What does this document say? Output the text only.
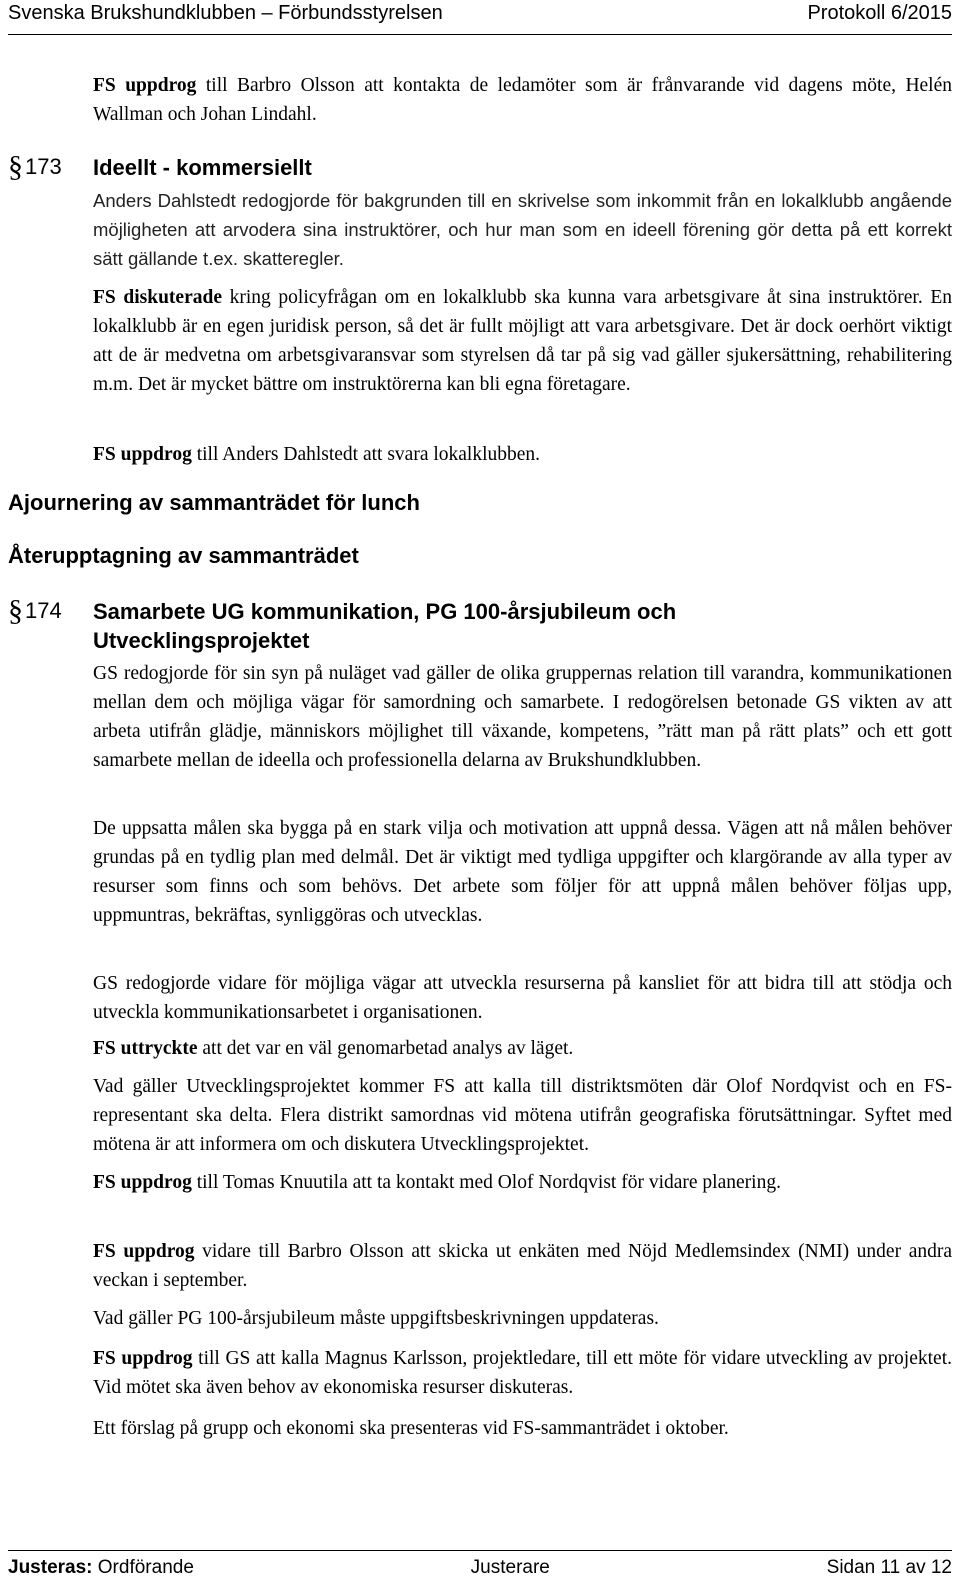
Svenska Brukshundklubben – Förbundsstyrelsen	Protokoll 6/2015

FS uppdrog till Barbro Olsson att kontakta de ledamöter som är frånvarande vid dagens möte, Helén Wallman och Johan Lindahl.

§ 173 Ideellt - kommersiellt

Anders Dahlstedt redogjorde för bakgrunden till en skrivelse som inkommit från en lokalklubb angående möjligheten att arvodera sina instruktörer, och hur man som en ideell förening gör detta på ett korrekt sätt gällande t.ex. skatteregler.

FS diskuterade kring policyfrågan om en lokalklubb ska kunna vara arbetsgivare åt sina instruktörer. En lokalklubb är en egen juridisk person, så det är fullt möjligt att vara arbetsgivare. Det är dock oerhört viktigt att de är medvetna om arbetsgivaransvar som styrelsen då tar på sig vad gäller sjukersättning, rehabilitering m.m. Det är mycket bättre om instruktörerna kan bli egna företagare.

FS uppdrog till Anders Dahlstedt att svara lokalklubben.

Ajournering av sammanträdet för lunch
Återupptagning av sammanträdet
§ 174 Samarbete UG kommunikation, PG 100-årsjubileum och Utvecklingsprojektet

GS redogjorde för sin syn på nuläget vad gäller de olika gruppernas relation till varandra, kommunikationen mellan dem och möjliga vägar för samordning och samarbete. I redogörelsen betonade GS vikten av att arbeta utifrån glädje, människors möjlighet till växande, kompetens, ”rätt man på rätt plats” och ett gott samarbete mellan de ideella och professionella delarna av Brukshundklubben.

De uppsatta målen ska bygga på en stark vilja och motivation att uppnå dessa. Vägen att nå målen behöver grundas på en tydlig plan med delmål. Det är viktigt med tydliga uppgifter och klargörande av alla typer av resurser som finns och som behövs. Det arbete som följer för att uppnå målen behöver följas upp, uppmuntras, bekräftas, synliggöras och utvecklas.

GS redogjorde vidare för möjliga vägar att utveckla resurserna på kansliet för att bidra till att stödja och utveckla kommunikationsarbetet i organisationen.

FS uttryckte att det var en väl genomarbetad analys av läget.

Vad gäller Utvecklingsprojektet kommer FS att kalla till distriktsmöten där Olof Nordqvist och en FS-representant ska delta. Flera distrikt samordnas vid mötena utifrån geografiska förutsättningar. Syftet med mötena är att informera om och diskutera Utvecklingsprojektet.

FS uppdrog till Tomas Knuutila att ta kontakt med Olof Nordqvist för vidare planering.

FS uppdrog vidare till Barbro Olsson att skicka ut enkäten med Nöjd Medlemsindex (NMI) under andra veckan i september.

Vad gäller PG 100-årsjubileum måste uppgiftsbeskrivningen uppdateras.

FS uppdrog till GS att kalla Magnus Karlsson, projektledare, till ett möte för vidare utveckling av projektet. Vid mötet ska även behov av ekonomiska resurser diskuteras.

Ett förslag på grupp och ekonomi ska presenteras vid FS-sammanträdet i oktober.

Justeras: Ordförande	Justerare	Sidan 11 av 12
